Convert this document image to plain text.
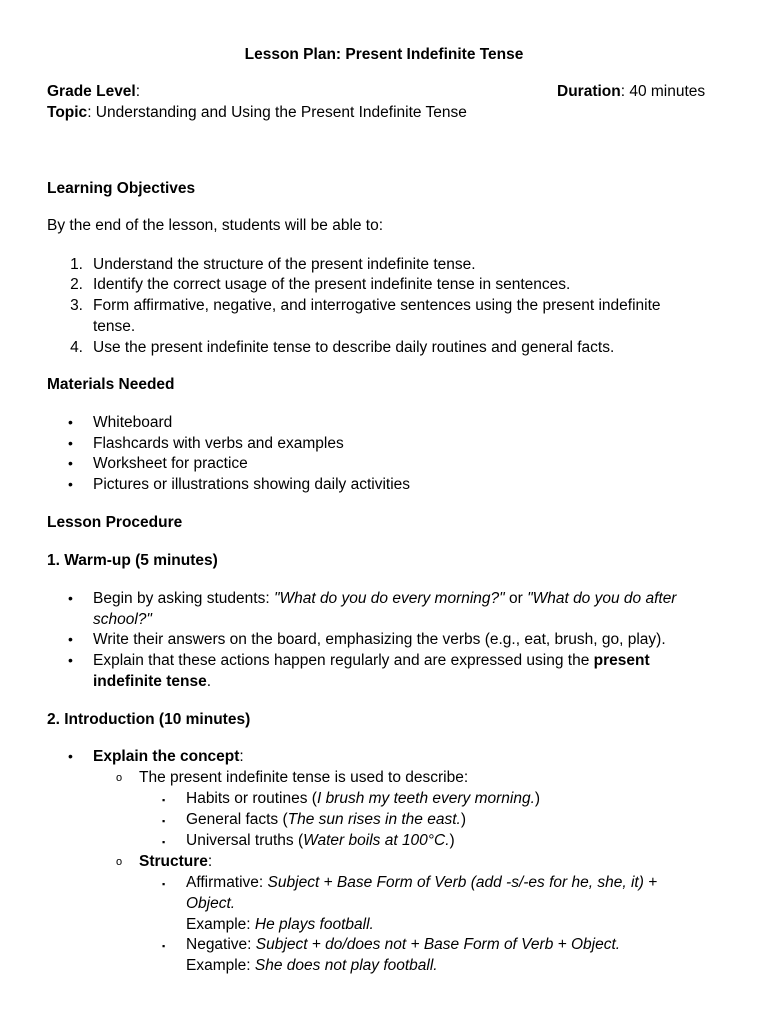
Lesson Plan: Present Indefinite Tense
Grade Level:	Duration: 40 minutes
Topic: Understanding and Using the Present Indefinite Tense
Learning Objectives
By the end of the lesson, students will be able to:
1. Understand the structure of the present indefinite tense.
2. Identify the correct usage of the present indefinite tense in sentences.
3. Form affirmative, negative, and interrogative sentences using the present indefinite
tense.
4. Use the present indefinite tense to describe daily routines and general facts.
Materials Needed
• Whiteboard
• Flashcards with verbs and examples
• Worksheet for practice
• Pictures or illustrations showing daily activities
Lesson Procedure
1. Warm-up (5 minutes)
• Begin by asking students: "What do you do every morning?" or "What do you do after
school?"
• Write their answers on the board, emphasizing the verbs (e.g., eat, brush, go, play).
• Explain that these actions happen regularly and are expressed using the present
indefinite tense.
2. Introduction (10 minutes)
• Explain the concept:
o The present indefinite tense is used to describe:
▪ Habits or routines (I brush my teeth every morning.)
▪ General facts (The sun rises in the east.)
▪ Universal truths (Water boils at 100°C.)
o Structure:
▪ Affirmative: Subject + Base Form of Verb (add -s/-es for he, she, it) +
Object.
Example: He plays football.
▪ Negative: Subject + do/does not + Base Form of Verb + Object.
Example: She does not play football.
